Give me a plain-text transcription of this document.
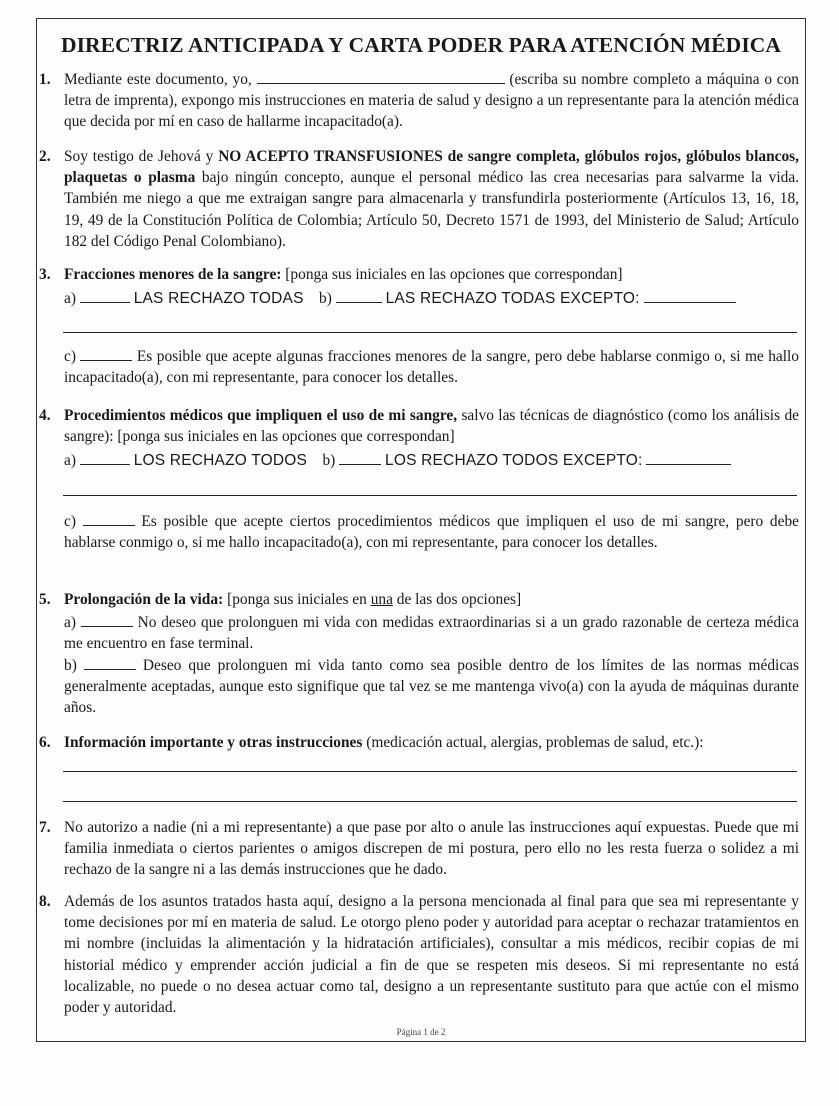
DIRECTRIZ ANTICIPADA Y CARTA PODER PARA ATENCIÓN MÉDICA
1. Mediante este documento, yo,	(escriba su nombre completo a máquina o con letra de imprenta), expongo mis instrucciones en materia de salud y designo a un representante para la atención médica que decida por mí en caso de hallarme incapacitado(a).
2. Soy testigo de Jehová y NO ACEPTO TRANSFUSIONES de sangre completa, glóbulos rojos, glóbulos blancos, plaquetas o plasma bajo ningún concepto, aunque el personal médico las crea necesarias para salvarme la vida. También me niego a que me extraigan sangre para almacenarla y transfundirla posteriormente (Artículos 13, 16, 18, 19, 49 de la Constitución Política de Colombia; Artículo 50, Decreto 1571 de 1993, del Ministerio de Salud; Artículo 182 del Código Penal Colombiano).
3. Fracciones menores de la sangre: [ponga sus iniciales en las opciones que correspondan]
a)	LAS RECHAZO TODAS b)	LAS RECHAZO TODAS EXCEPTO:
c)	Es posible que acepte algunas fracciones menores de la sangre, pero debe hablarse conmigo o, si me hallo incapacitado(a), con mi representante, para conocer los detalles.
4. Procedimientos médicos que impliquen el uso de mi sangre, salvo las técnicas de diagnóstico (como los análisis de sangre): [ponga sus iniciales en las opciones que correspondan]
a)	LOS RECHAZO TODOS b)	LOS RECHAZO TODOS EXCEPTO:
c)	Es posible que acepte ciertos procedimientos médicos que impliquen el uso de mi sangre, pero debe hablarse conmigo o, si me hallo incapacitado(a), con mi representante, para conocer los detalles.
5. Prolongación de la vida: [ponga sus iniciales en una de las dos opciones]
a)	No deseo que prolonguen mi vida con medidas extraordinarias si a un grado razonable de certeza médica me encuentro en fase terminal.
b)	Deseo que prolonguen mi vida tanto como sea posible dentro de los límites de las normas médicas generalmente aceptadas, aunque esto signifique que tal vez se me mantenga vivo(a) con la ayuda de máquinas durante años.
6. Información importante y otras instrucciones (medicación actual, alergias, problemas de salud, etc.):
7. No autorizo a nadie (ni a mi representante) a que pase por alto o anule las instrucciones aquí expuestas. Puede que mi familia inmediata o ciertos parientes o amigos discrepen de mi postura, pero ello no les resta fuerza o solidez a mi rechazo de la sangre ni a las demás instrucciones que he dado.
8. Además de los asuntos tratados hasta aquí, designo a la persona mencionada al final para que sea mi representante y tome decisiones por mí en materia de salud. Le otorgo pleno poder y autoridad para aceptar o rechazar tratamientos en mi nombre (incluidas la alimentación y la hidratación artificiales), consultar a mis médicos, recibir copias de mi historial médico y emprender acción judicial a fin de que se respeten mis deseos. Si mi representante no está localizable, no puede o no desea actuar como tal, designo a un representante sustituto para que actúe con el mismo poder y autoridad.
Página 1 de 2
